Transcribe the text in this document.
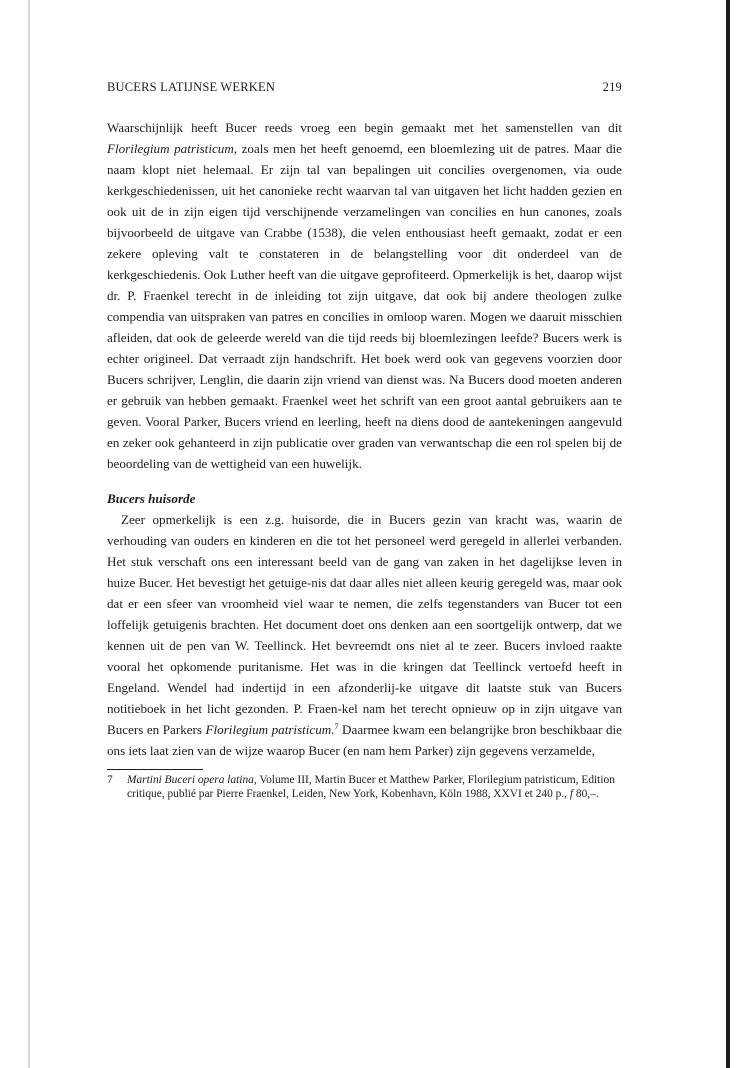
BUCERS LATIJNSE WERKEN	219

Waarschijnlijk heeft Bucer reeds vroeg een begin gemaakt met het samenstellen van dit Florilegium patristicum, zoals men het heeft genoemd, een bloemlezing uit de patres. Maar die naam klopt niet helemaal. Er zijn tal van bepalingen uit concilies overgenomen, via oude kerkgeschiedenissen, uit het canonieke recht waarvan tal van uitgaven het licht hadden gezien en ook uit de in zijn eigen tijd verschijnende verzamelingen van concilies en hun canones, zoals bijvoorbeeld de uitgave van Crabbe (1538), die velen enthousiast heeft gemaakt, zodat er een zekere opleving valt te constateren in de belangstelling voor dit onderdeel van de kerkgeschiedenis. Ook Luther heeft van die uitgave geprofiteerd. Opmerkelijk is het, daarop wijst dr. P. Fraenkel terecht in de inleiding tot zijn uitgave, dat ook bij andere theologen zulke compendia van uitspraken van patres en concilies in omloop waren. Mogen we daaruit misschien afleiden, dat ook de geleerde wereld van die tijd reeds bij bloemlezingen leefde? Bucers werk is echter origineel. Dat verraadt zijn handschrift. Het boek werd ook van gegevens voorzien door Bucers schrijver, Lenglin, die daarin zijn vriend van dienst was. Na Bucers dood moeten anderen er gebruik van hebben gemaakt. Fraenkel weet het schrift van een groot aantal gebruikers aan te geven. Vooral Parker, Bucers vriend en leerling, heeft na diens dood de aantekeningen aangevuld en zeker ook gehanteerd in zijn publicatie over graden van verwantschap die een rol spelen bij de beoordeling van de wettigheid van een huwelijk.

Bucers huisorde

Zeer opmerkelijk is een z.g. huisorde, die in Bucers gezin van kracht was, waarin de verhouding van ouders en kinderen en die tot het personeel werd geregeld in allerlei verbanden. Het stuk verschaft ons een interessant beeld van de gang van zaken in het dagelijkse leven in huize Bucer. Het bevestigt het getuige-nis dat daar alles niet alleen keurig geregeld was, maar ook dat er een sfeer van vroomheid viel waar te nemen, die zelfs tegenstanders van Bucer tot een loffelijk getuigenis brachten. Het document doet ons denken aan een soortgelijk ontwerp, dat we kennen uit de pen van W. Teellinck. Het bevreemdt ons niet al te zeer. Bucers invloed raakte vooral het opkomende puritanisme. Het was in die kringen dat Teellinck vertoefd heeft in Engeland. Wendel had indertijd in een afzonderlij-ke uitgave dit laatste stuk van Bucers notitieboek in het licht gezonden. P. Fraen-kel nam het terecht opnieuw op in zijn uitgave van Bucers en Parkers Florilegium patristicum.$^7$ Daarmee kwam een belangrijke bron beschikbaar die ons iets laat zien van de wijze waarop Bucer (en nam hem Parker) zijn gegevens verzamelde,

7	Martini Buceri opera latina, Volume III, Martin Bucer et Matthew Parker, Florilegium patristicum, Edition critique, publié par Pierre Fraenkel, Leiden, New York, Kobenhavn, Köln 1988, XXVI et 240 p., f 80,–.
